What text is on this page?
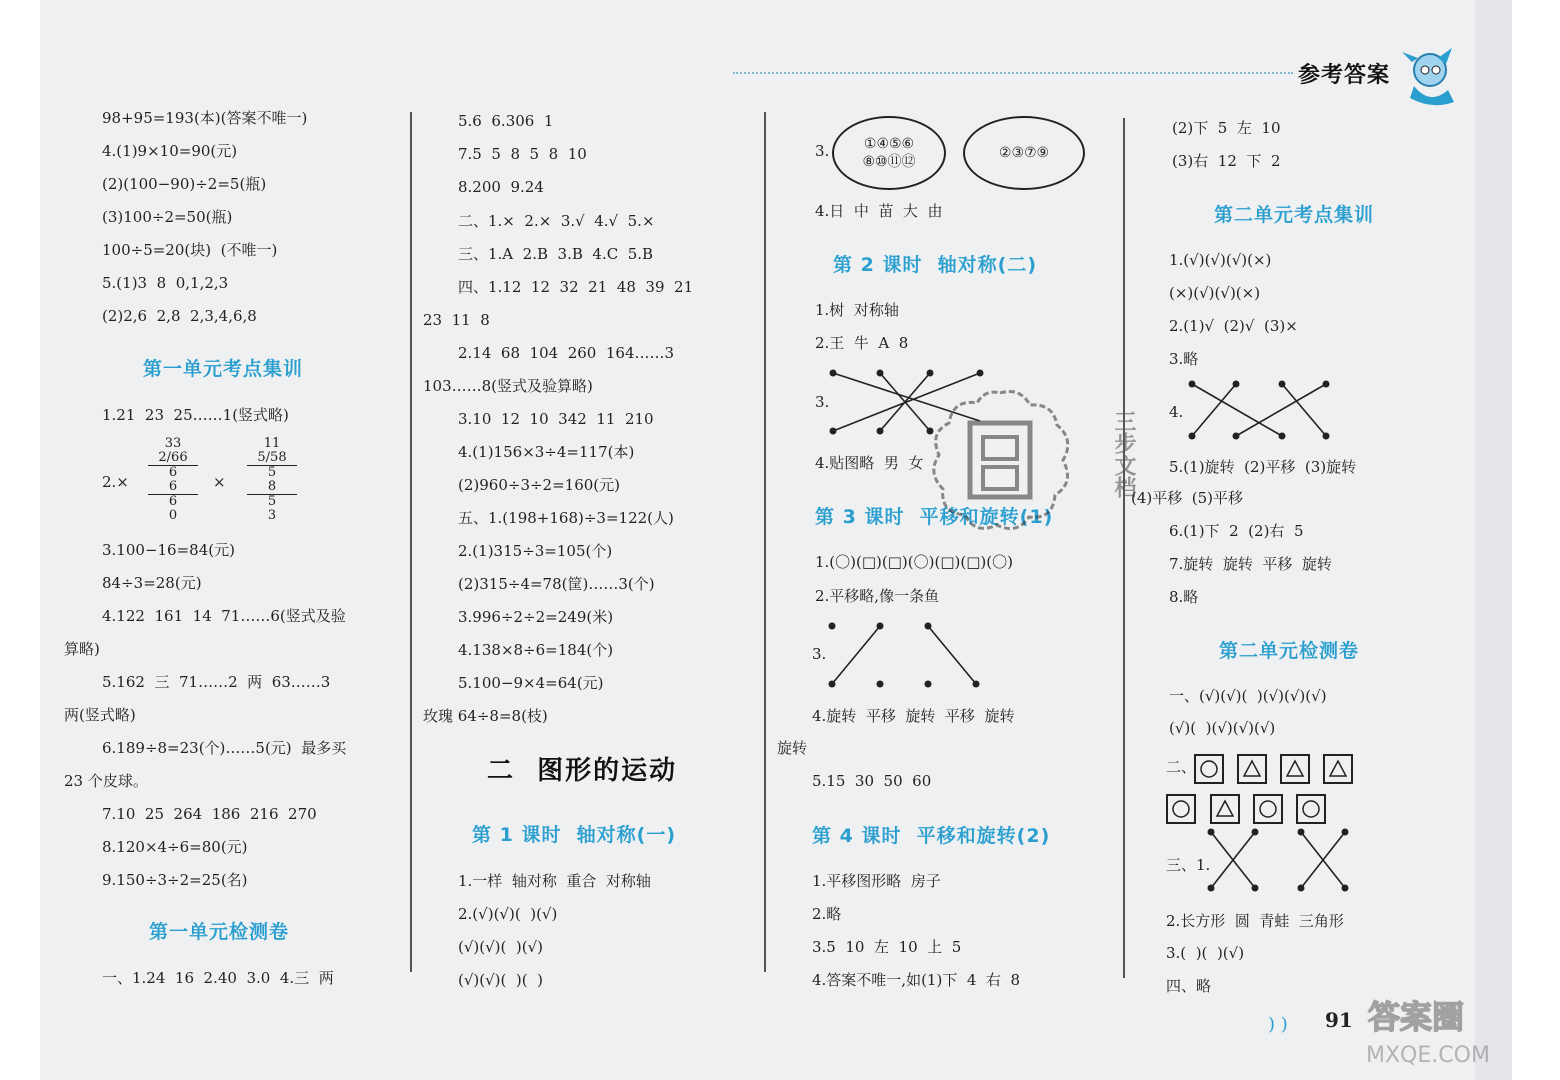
参考答案
98+95=193(本)(答案不唯一)
4.(1)9×10=90(元)
(2)(100−90)÷2=5(瓶)
(3)100÷2=50(瓶)
100÷5=20(块)  (不唯一)
5.(1)3  8  0,1,2,3
(2)2,6  2,8  2,3,4,6,8
第一单元考点集训
1.21  23  25……1(竖式略)
2.×
33
2/66
6
6
6
0
×
11
5/58
5
8
5
3
3.100−16=84(元)
84÷3=28(元)
4.122  161  14  71……6(竖式及验
算略)
5.162  三  71……2  两  63……3
两(竖式略)
6.189÷8=23(个)……5(元)  最多买
23 个皮球。
7.10  25  264  186  216  270
8.120×4÷6=80(元)
9.150÷3÷2=25(名)
第一单元检测卷
一、1.24  16  2.40  3.0  4.三  两
5.6  6.306  1
7.5  5  8  5  8  10
8.200  9.24
二、1.×  2.×  3.√  4.√  5.×
三、1.A  2.B  3.B  4.C  5.B
四、1.12  12  32  21  48  39  21
23  11  8
2.14  68  104  260  164……3
103……8(竖式及验算略)
3.10  12  10  342  11  210
4.(1)156×3÷4=117(本)
(2)960÷3÷2=160(元)
五、1.(198+168)÷3=122(人)
2.(1)315÷3=105(个)
(2)315÷4=78(筐)……3(个)
3.996÷2÷2=249(米)
4.138×8÷6=184(个)
5.100−9×4=64(元)
玫瑰 64÷8=8(枝)
二  图形的运动
第 1 课时  轴对称(一)
1.一样  轴对称  重合  对称轴
2.(√)(√)(  )(√)
(√)(√)(  )(√)
(√)(√)(  )(  )
3. ①④⑤⑥
⑧⑩⑪⑫
②③⑦⑨
4.日  中  苗  大  由
第 2 课时  轴对称(二)
1.树  对称轴
2.王  牛  A  8
3.
4.贴图略  男  女
第 3 课时  平移和旋转(1)
1.(〇)(□)(□)(〇)(□)(□)(〇)
2.平移略,像一条鱼
3.
4.旋转  平移  旋转  平移  旋转
旋转
5.15  30  50  60
第 4 课时  平移和旋转(2)
1.平移图形略  房子
2.略
3.5  10  左  10  上  5
4.答案不唯一,如(1)下  4  右  8
三步文档
(2)下  5  左  10
(3)右  12  下  2
第二单元考点集训
1.(√)(√)(√)(×)
(×)(√)(√)(×)
2.(1)√  (2)√  (3)×
3.略
4.
5.(1)旋转  (2)平移  (3)旋转
(4)平移  (5)平移
6.(1)下  2  (2)右  5
7.旋转  旋转  平移  旋转
8.略
第二单元检测卷
一、(√)(√)(  )(√)(√)(√)
(√)(  )(√)(√)(√)
二、
三、1.
2.长方形  圆  青蛙  三角形
3.(  )(  )(√)
四、略
) ) 91 答案圈
MXQE.COM
